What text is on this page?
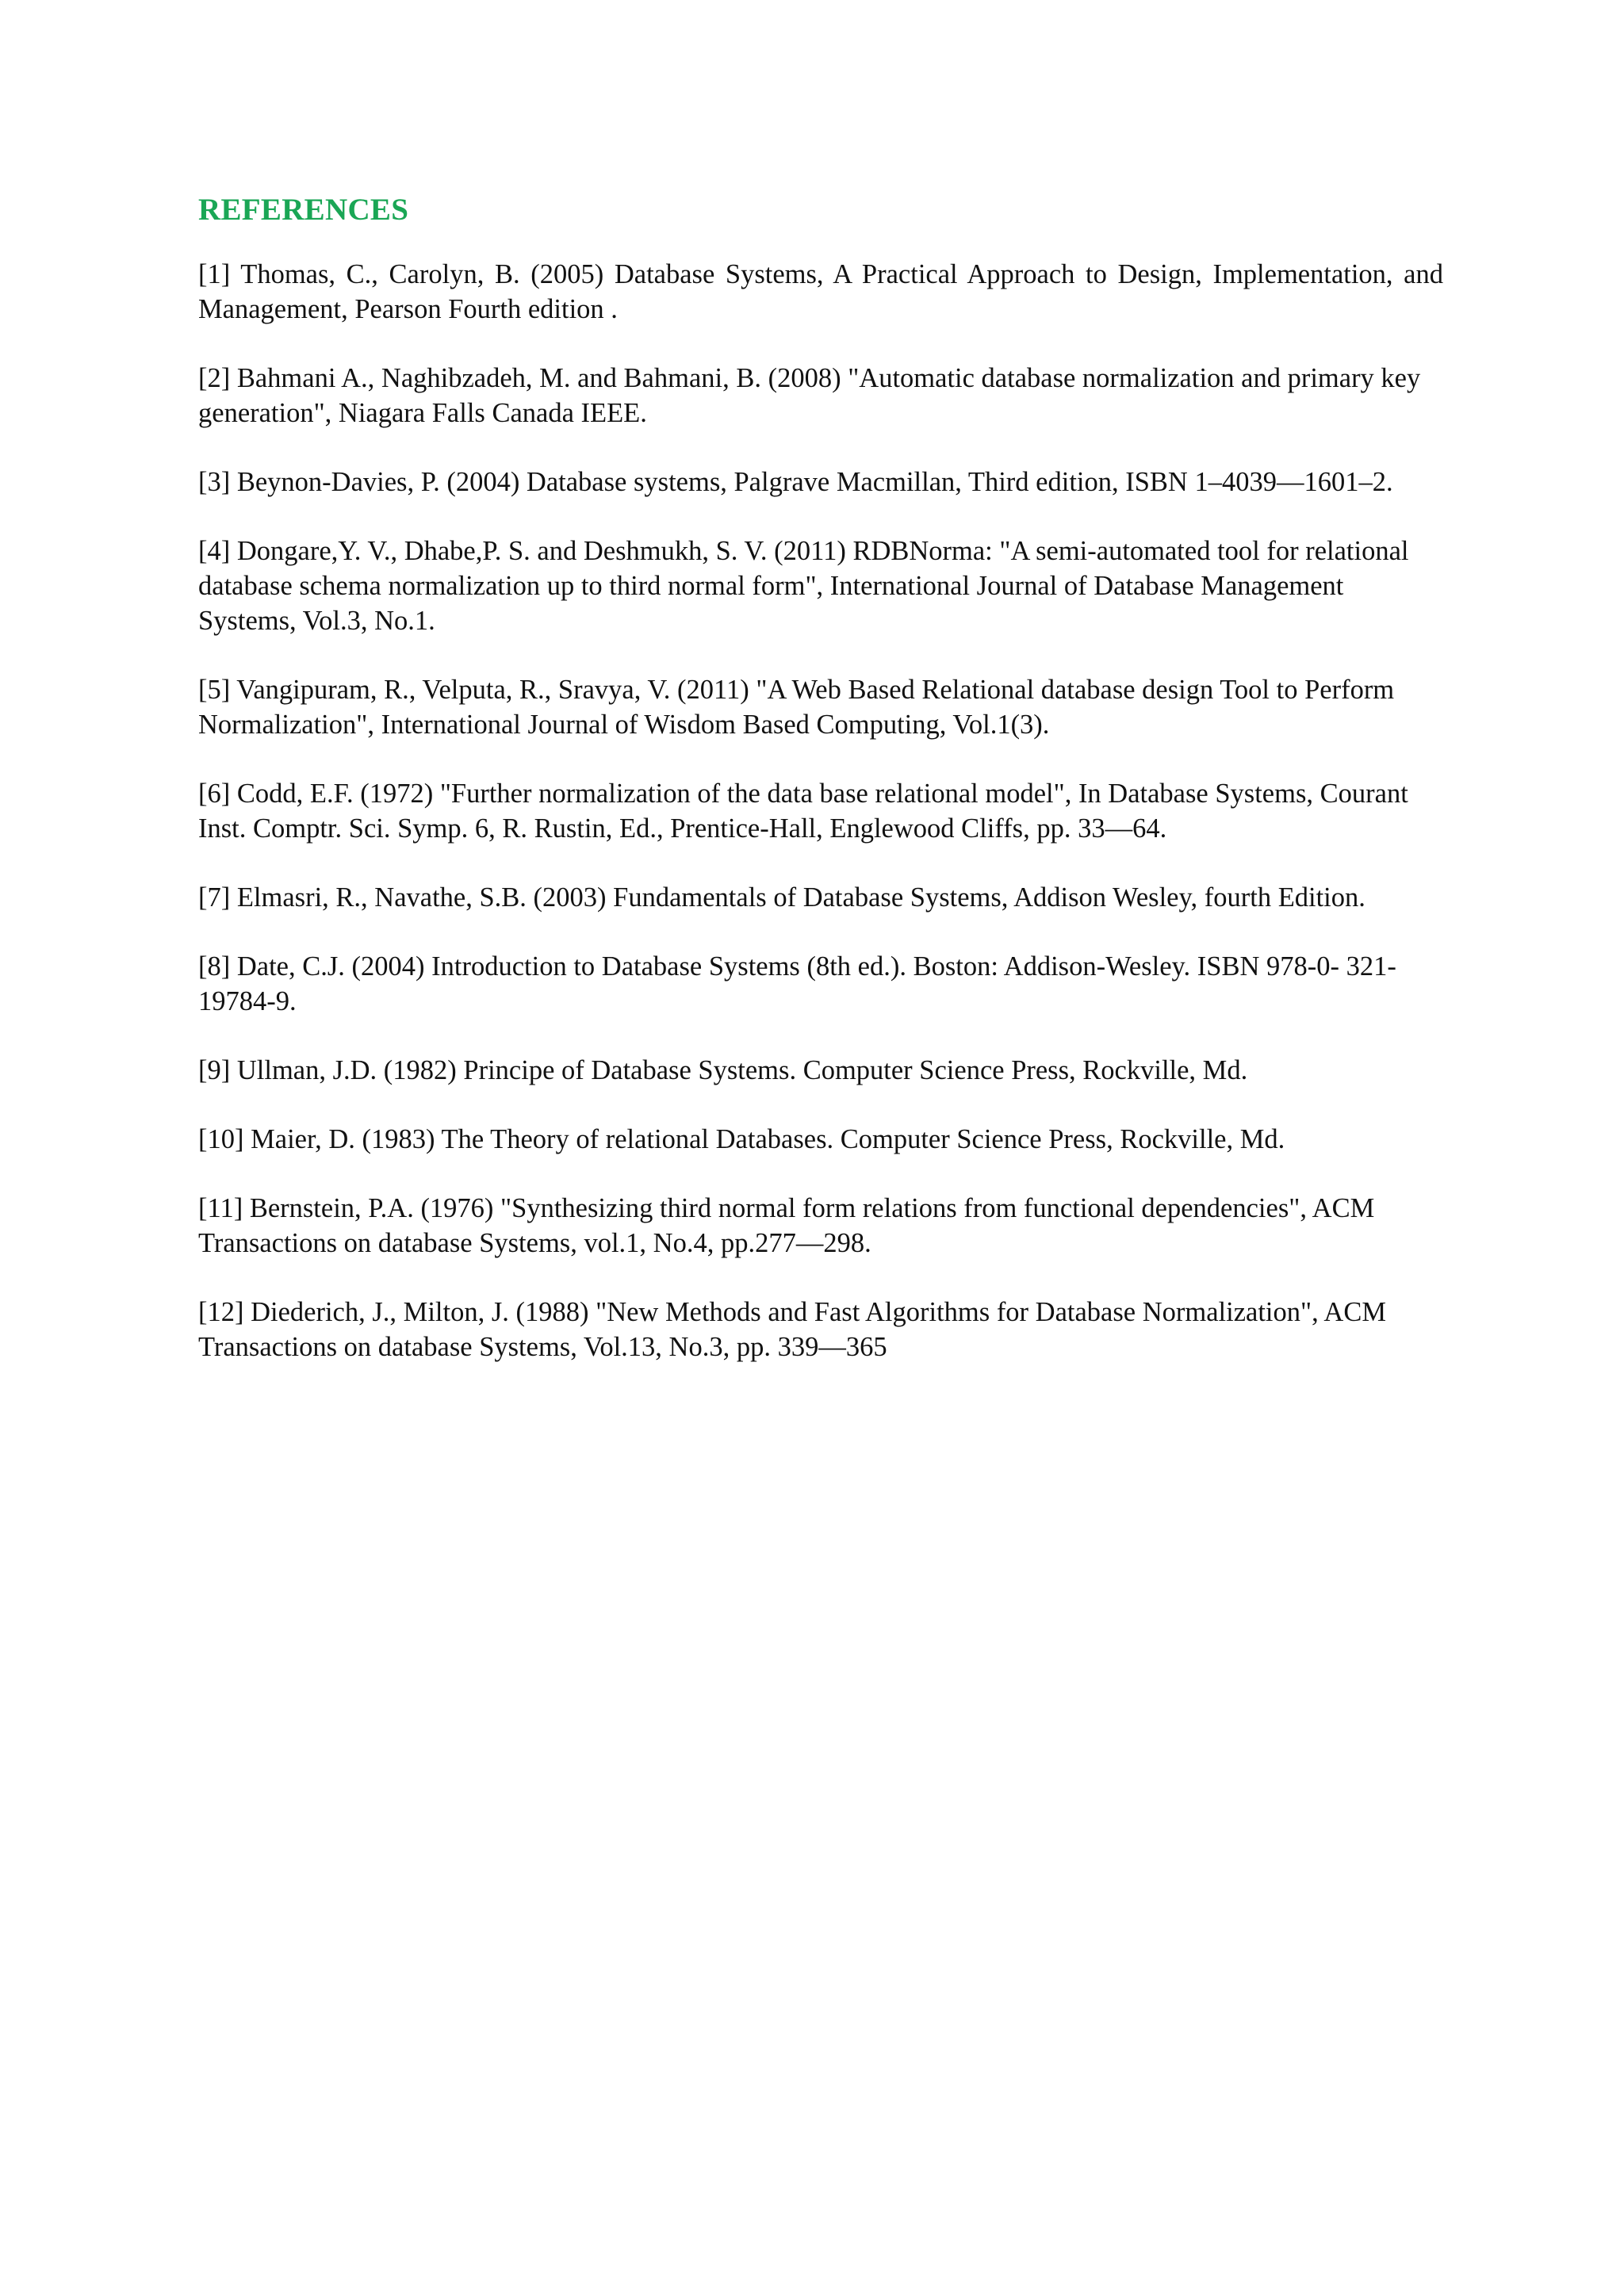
REFERENCES

[1] Thomas, C., Carolyn, B. (2005) Database Systems, A Practical Approach to Design, Implementation, and Management, Pearson Fourth edition .

[2] Bahmani A., Naghibzadeh, M. and Bahmani, B. (2008) "Automatic database normalization and primary key generation", Niagara Falls Canada IEEE.

[3] Beynon-Davies, P. (2004) Database systems, Palgrave Macmillan, Third edition, ISBN 1–4039—1601–2.

[4] Dongare,Y. V., Dhabe,P. S. and Deshmukh, S. V. (2011) RDBNorma: "A semi-automated tool for relational database schema normalization up to third normal form", International Journal of Database Management Systems, Vol.3, No.1.

[5] Vangipuram, R., Velputa, R., Sravya, V. (2011) "A Web Based Relational database design Tool to Perform Normalization", International Journal of Wisdom Based Computing, Vol.1(3).

[6] Codd, E.F. (1972) "Further normalization of the data base relational model", In Database Systems, Courant Inst. Comptr. Sci. Symp. 6, R. Rustin, Ed., Prentice-Hall, Englewood Cliffs, pp. 33—64.

[7] Elmasri, R., Navathe, S.B. (2003) Fundamentals of Database Systems, Addison Wesley, fourth Edition.

[8] Date, C.J. (2004) Introduction to Database Systems (8th ed.). Boston: Addison-Wesley. ISBN 978-0- 321-19784-9.

[9] Ullman, J.D. (1982) Principe of Database Systems. Computer Science Press, Rockville, Md.

[10] Maier, D. (1983) The Theory of relational Databases. Computer Science Press, Rockville, Md.

[11] Bernstein, P.A. (1976) "Synthesizing third normal form relations from functional dependencies", ACM Transactions on database Systems, vol.1, No.4, pp.277—298.

[12] Diederich, J., Milton, J. (1988) "New Methods and Fast Algorithms for Database Normalization", ACM Transactions on database Systems, Vol.13, No.3, pp. 339—365
